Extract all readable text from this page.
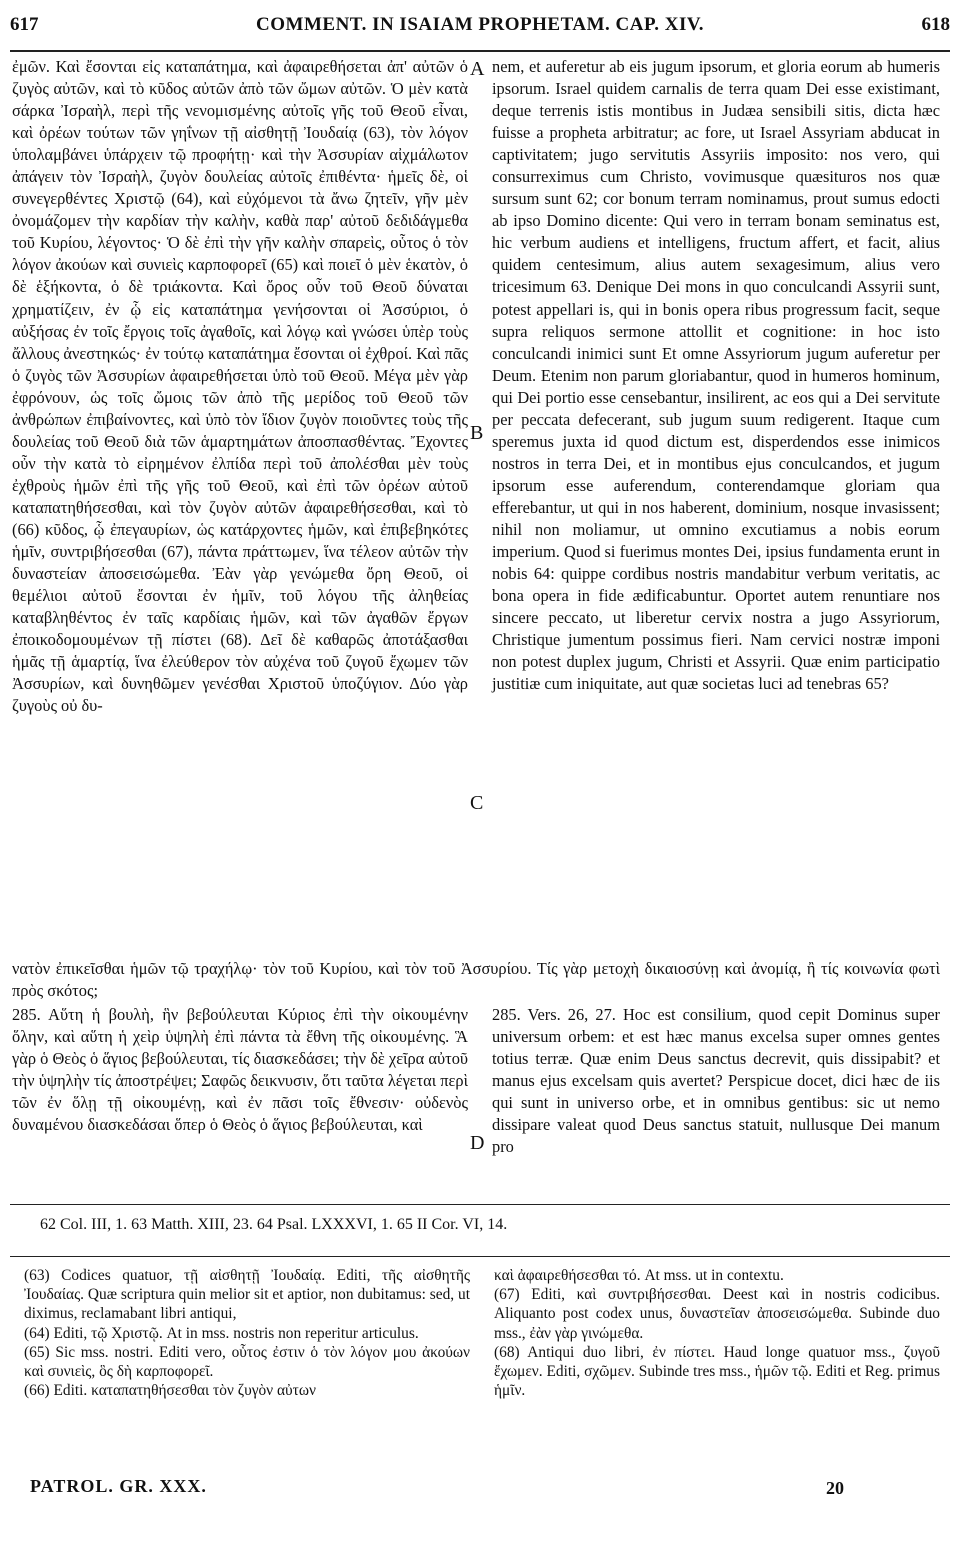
617	COMMENT. IN ISAIAM PROPHETAM. CAP. XIV.	618

ἐμῶν. Καὶ ἔσονται εἰς καταπάτημα, καὶ ἀφαιρεθήσεται ἀπ' αὐτῶν ὁ ζυγὸς αὐτῶν, καὶ τὸ κῦδος αὐτῶν ἀπὸ τῶν ὤμων αὐτῶν. Ὁ μὲν κατὰ σάρκα Ἰσραὴλ, περὶ τῆς νενομισμένης αὐτοῖς γῆς τοῦ Θεοῦ εἶναι, καὶ ὀρέων τούτων τῶν γηΐνων τῇ αἰσθητῇ Ἰουδαίᾳ (63), τὸν λόγον ὑπολαμβάνει ὑπάρχειν τῷ προφήτῃ· καὶ τὴν Ἀσσυρίαν αἰχμάλωτον ἀπάγειν τὸν Ἰσραὴλ, ζυγὸν δουλείας αὐτοῖς ἐπιθέντα· ἡμεῖς δὲ, οἱ συνεγερθέντες Χριστῷ (64), καὶ εὐχόμενοι τὰ ἄνω ζητεῖν, γῆν μὲν ὀνομάζομεν τὴν καρδίαν τὴν καλὴν, καθὰ παρ' αὐτοῦ δεδιδάγμεθα τοῦ Κυρίου, λέγοντος· Ὁ δὲ ἐπὶ τὴν γῆν καλὴν σπαρεὶς, οὗτος ὁ τὸν λόγον ἀκούων καὶ συνιεὶς καρποφορεῖ (65) καὶ ποιεῖ ὁ μὲν ἑκατὸν, ὁ δὲ ἑξήκοντα, ὁ δὲ τριάκοντα. Καὶ ὄρος οὖν τοῦ Θεοῦ δύναται χρηματίζειν, ἐν ᾧ εἰς καταπάτημα γενήσονται οἱ Ἀσσύριοι, ὁ αὐξήσας ἐν τοῖς ἔργοις τοῖς ἀγαθοῖς, καὶ λόγῳ καὶ γνώσει ὑπὲρ τοὺς ἄλλους ἀνεστηκώς· ἐν τούτῳ καταπάτημα ἔσονται οἱ ἐχθροί. Καὶ πᾶς ὁ ζυγὸς τῶν Ἀσσυρίων ἀφαιρεθήσεται ὑπὸ τοῦ Θεοῦ. Μέγα μὲν γὰρ ἐφρόνουν, ὡς τοῖς ὤμοις τῶν ἀπὸ τῆς μερίδος τοῦ Θεοῦ τῶν ἀνθρώπων ἐπιβαίνοντες, καὶ ὑπὸ τὸν ἴδιον ζυγὸν ποιοῦντες τοὺς τῆς δουλείας τοῦ Θεοῦ διὰ τῶν ἁμαρτημάτων ἀποσπασθέντας. Ἔχοντες οὖν τὴν κατὰ τὸ εἰρημένον ἐλπίδα περὶ τοῦ ἀπολέσθαι μὲν τοὺς ἐχθροὺς ἡμῶν ἐπὶ τῆς γῆς τοῦ Θεοῦ, καὶ ἐπὶ τῶν ὀρέων αὐτοῦ καταπατηθήσεσθαι, καὶ τὸν ζυγὸν αὐτῶν ἀφαιρεθήσεσθαι, καὶ τὸ (66) κῦδος, ᾧ ἐπεγαυρίων, ὡς κατάρχοντες ἡμῶν, καὶ ἐπιβεβηκότες ἡμῖν, συντριβήσεσθαι (67), πάντα πράττωμεν, ἵνα τέλεον αὐτῶν τὴν δυναστείαν ἀποσεισώμεθα. Ἐὰν γὰρ γενώμεθα ὄρη Θεοῦ, οἱ θεμέλιοι αὐτοῦ ἔσονται ἐν ἡμῖν, τοῦ λόγου τῆς ἀληθείας καταβληθέντος ἐν ταῖς καρδίαις ἡμῶν, καὶ τῶν ἀγαθῶν ἔργων ἐποικοδομουμένων τῇ πίστει (68). Δεῖ δὲ καθαρῶς ἀποτάξασθαι ἡμᾶς τῇ ἁμαρτίᾳ, ἵνα ἐλεύθερον τὸν αὐχένα τοῦ ζυγοῦ ἔχωμεν τῶν Ἀσσυρίων, καὶ δυνηθῶμεν γενέσθαι Χριστοῦ ὑποζύγιον. Δύο γὰρ ζυγοὺς οὐ δυ-

nem, et auferetur ab eis jugum ipsorum, et gloria eorum ab humeris ipsorum. Israel quidem carnalis de terra quam Dei esse existimant, deque terrenis istis montibus in Judæa sensibili sitis, dicta hæc fuisse a propheta arbitratur; ac fore, ut Israel Assyriam abducat in captivitatem; jugo servitutis Assyriis imposito: nos vero, qui consurreximus cum Christo, vovimusque quæsituros nos quæ sursum sunt 62; cor bonum terram nominamus, prout sumus edocti ab ipso Domino dicente: Qui vero in terram bonam seminatus est, hic verbum audiens et intelligens, fructum affert, et facit, alius quidem centesimum, alius autem sexagesimum, alius vero tricesimum 63. Denique Dei mons in quo conculcandi Assyrii sunt, potest appellari is, qui in bonis opera ribus progressum facit, seque supra reliquos sermone attollit et cognitione: in hoc isto conculcandi inimici sunt Et omne Assyriorum jugum auferetur per Deum. Etenim non parum gloriabantur, quod in humeros hominum, qui Dei portio esse censebantur, insilirent, ac eos qui a Dei servitute per peccata defecerant, sub jugum suum redigerent. Itaque cum speremus juxta id quod dictum est, disperdendos esse inimicos nostros in terra Dei, et in montibus ejus conculcandos, et jugum ipsorum esse auferendum, conterendamque gloriam qua efferebantur, ut qui in nos haberent, dominium, nosque invasissent; nihil non moliamur, ut omnino excutiamus a nobis eorum imperium. Quod si fuerimus montes Dei, ipsius fundamenta erunt in nobis 64: quippe cordibus nostris mandabitur verbum veritatis, ac bona opera in fide ædificabuntur. Oportet autem renuntiare nos sincere peccato, ut liberetur cervix nostra a jugo Assyriorum, Christique jumentum possimus fieri. Nam cervici nostræ imponi non potest duplex jugum, Christi et Assyrii. Quæ enim participatio justitiæ cum iniquitate, aut quæ societas luci ad tenebras 65?

A
B
C
D

νατὸν ἐπικεῖσθαι ἡμῶν τῷ τραχήλῳ· τὸν τοῦ Κυρίου, καὶ τὸν τοῦ Ἀσσυρίου. Τίς γὰρ μετοχὴ δικαιοσύνῃ καὶ ἀνομίᾳ, ἢ τίς κοινωνία φωτὶ πρὸς σκότος;

285. Αὕτη ἡ βουλὴ, ἣν βεβούλευται Κύριος ἐπὶ τὴν οἰκουμένην ὅλην, καὶ αὕτη ἡ χεὶρ ὑψηλὴ ἐπὶ πάντα τὰ ἔθνη τῆς οἰκουμένης. Ἃ γὰρ ὁ Θεὸς ὁ ἅγιος βεβούλευται, τίς διασκεδάσει; τὴν δὲ χεῖρα αὐτοῦ τὴν ὑψηλὴν τίς ἀποστρέψει; Σαφῶς δεικνυσιν, ὅτι ταῦτα λέγεται περὶ τῶν ἐν ὅλῃ τῇ οἰκουμένῃ, καὶ ἐν πᾶσι τοῖς ἔθνεσιν· οὐδενὸς δυναμένου διασκεδάσαι ὅπερ ὁ Θεὸς ὁ ἅγιος βεβούλευται, καὶ

285. Vers. 26, 27. Hoc est consilium, quod cepit Dominus super universum orbem: et est hæc manus excelsa super omnes gentes totius terræ. Quæ enim Deus sanctus decrevit, quis dissipabit? et manus ejus excelsam quis avertet? Perspicue docet, dici hæc de iis qui sunt in universo orbe, et in omnibus gentibus: sic ut nemo dissipare valeat quod Deus sanctus statuit, nullusque Dei manum pro

62 Col. III, 1. 63 Matth. XIII, 23. 64 Psal. LXXXVI, 1. 65 II Cor. VI, 14.

(63) Codices quatuor, τῇ αἰσθητῇ Ἰουδαίᾳ. Editi, τῆς αἰσθητῆς Ἰουδαίας. Quæ scriptura quin melior sit et aptior, non dubitamus: sed, ut diximus, reclamabant libri antiqui,

(64) Editi, τῷ Χριστῷ. At in mss. nostris non reperitur articulus.

(65) Sic mss. nostri. Editi vero, οὗτος ἐστιν ὁ τὸν λόγον μου ἀκούων καὶ συνιεὶς, ὃς δὴ καρποφορεῖ.

(66) Editi. καταπατηθήσεσθαι τὸν ζυγὸν αὐτων

καὶ ἀφαιρεθήσεσθαι τό. At mss. ut in contextu.

(67) Editi, καὶ συντριβήσεσθαι. Deest καὶ in nostris codicibus. Aliquanto post codex unus, δυναστεῖαν ἀποσεισώμεθα. Subinde duo mss., ἐὰν γὰρ γινώμεθα.

(68) Antiqui duo libri, ἐν πίστει. Haud longe quatuor mss., ζυγοῦ ἔχωμεν. Editi, σχῶμεν. Subinde tres mss., ἡμῶν τῷ. Editi et Reg. primus ἡμῖν.

PATROL. GR. XXX.	20
